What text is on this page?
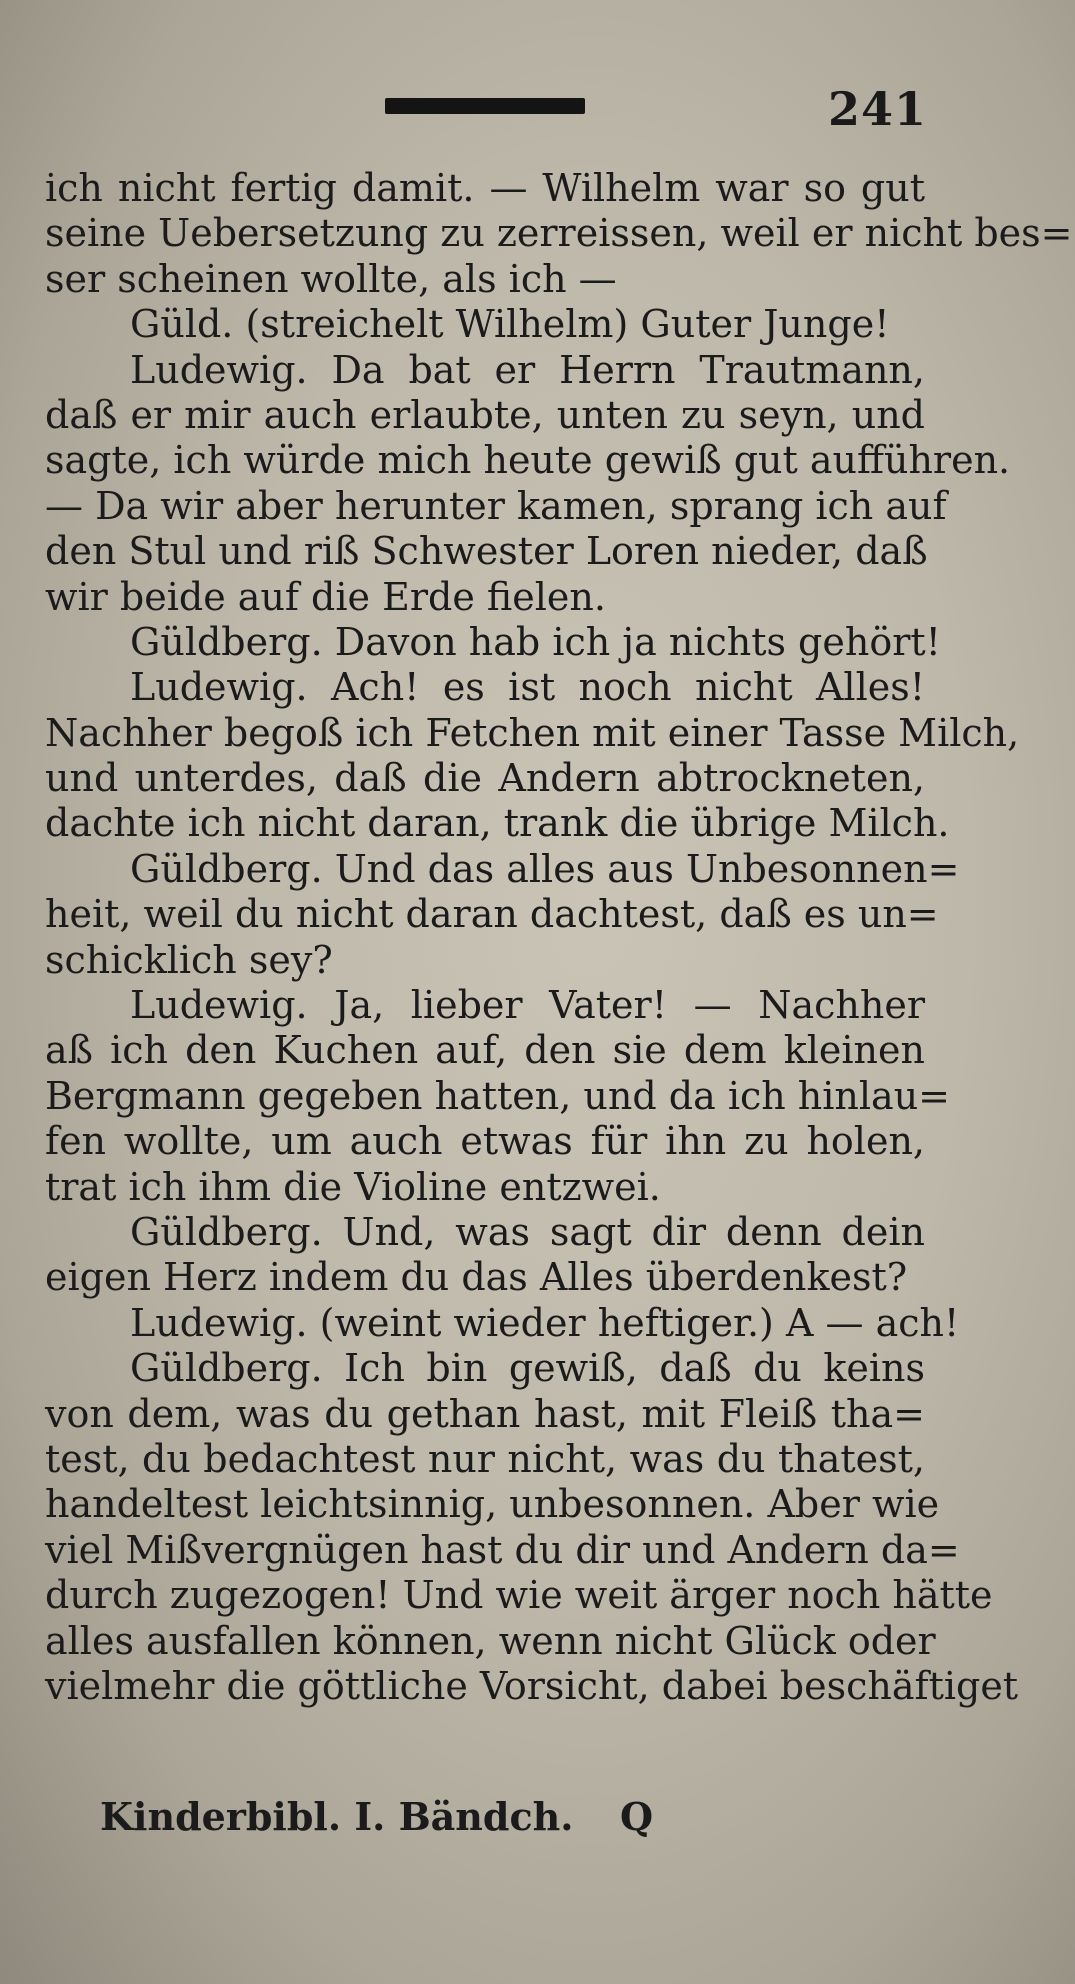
241
ich nicht fertig damit. — Wilhelm war so gut
seine Uebersetzung zu zerreissen, weil er nicht bes=
ser scheinen wollte, als ich —
Güld. (streichelt Wilhelm) Guter Junge!
Ludewig. Da bat er Herrn Trautmann,
daß er mir auch erlaubte, unten zu seyn, und
sagte, ich würde mich heute gewiß gut aufführen.
— Da wir aber herunter kamen, sprang ich auf
den Stul und riß Schwester Loren nieder, daß
wir beide auf die Erde fielen.
Güldberg. Davon hab ich ja nichts gehört!
Ludewig. Ach! es ist noch nicht Alles!
Nachher begoß ich Fetchen mit einer Tasse Milch,
und unterdes, daß die Andern abtrockneten,
dachte ich nicht daran, trank die übrige Milch.
Güldberg. Und das alles aus Unbesonnen=
heit, weil du nicht daran dachtest, daß es un=
schicklich sey?
Ludewig. Ja, lieber Vater! — Nachher
aß ich den Kuchen auf, den sie dem kleinen
Bergmann gegeben hatten, und da ich hinlau=
fen wollte, um auch etwas für ihn zu holen,
trat ich ihm die Violine entzwei.
Güldberg. Und, was sagt dir denn dein
eigen Herz indem du das Alles überdenkest?
Ludewig. (weint wieder heftiger.) A — ach!
Güldberg. Ich bin gewiß, daß du keins
von dem, was du gethan hast, mit Fleiß tha=
test, du bedachtest nur nicht, was du thatest,
handeltest leichtsinnig, unbesonnen. Aber wie
viel Mißvergnügen hast du dir und Andern da=
durch zugezogen! Und wie weit ärger noch hätte
alles ausfallen können, wenn nicht Glück oder
vielmehr die göttliche Vorsicht, dabei beschäftiget
Kinderbibl. I. Bändch. Q
